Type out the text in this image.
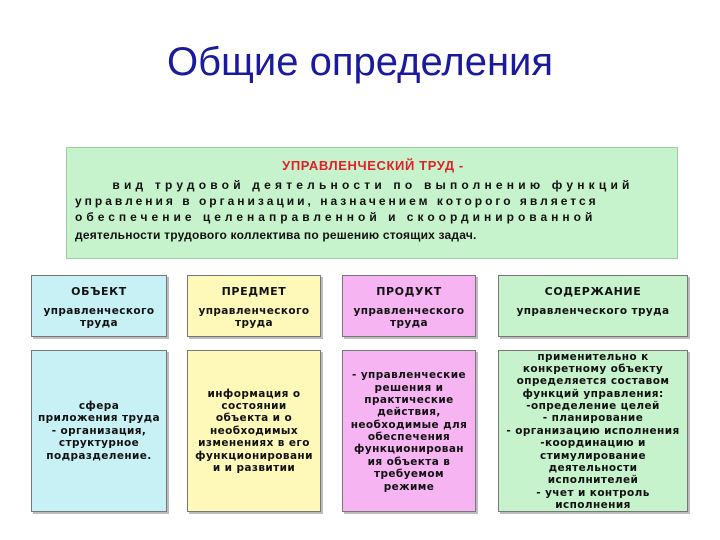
Общие определения
УПРАВЛЕНЧЕСКИЙ ТРУД -
вид трудовой деятельности по выполнению функций
управления в организации, назначением которого является
обеспечение целенаправленной и скоординированной
деятельности трудового коллектива по решению стоящих задач.
ОБЪЕКТ
управленческого
труда
сфера
приложения труда
- организация,
структурное
подразделение.
ПРЕДМЕТ
управленческого
труда
информация о
состоянии
объекта и о
необходимых
изменениях в его
функционировани
и и развитии
ПРОДУКТ
управленческого
труда
- управленческие
решения и
практические
действия,
необходимые для
обеспечения
функционирован
ия объекта в
требуемом
режиме
СОДЕРЖАНИЕ
управленческого труда
применительно к
конкретному объекту
определяется составом
функций управления:
-определение целей
- планирование
- организацию исполнения
-координацию и
стимулирование
деятельности
исполнителей
- учет и контроль
исполнения
